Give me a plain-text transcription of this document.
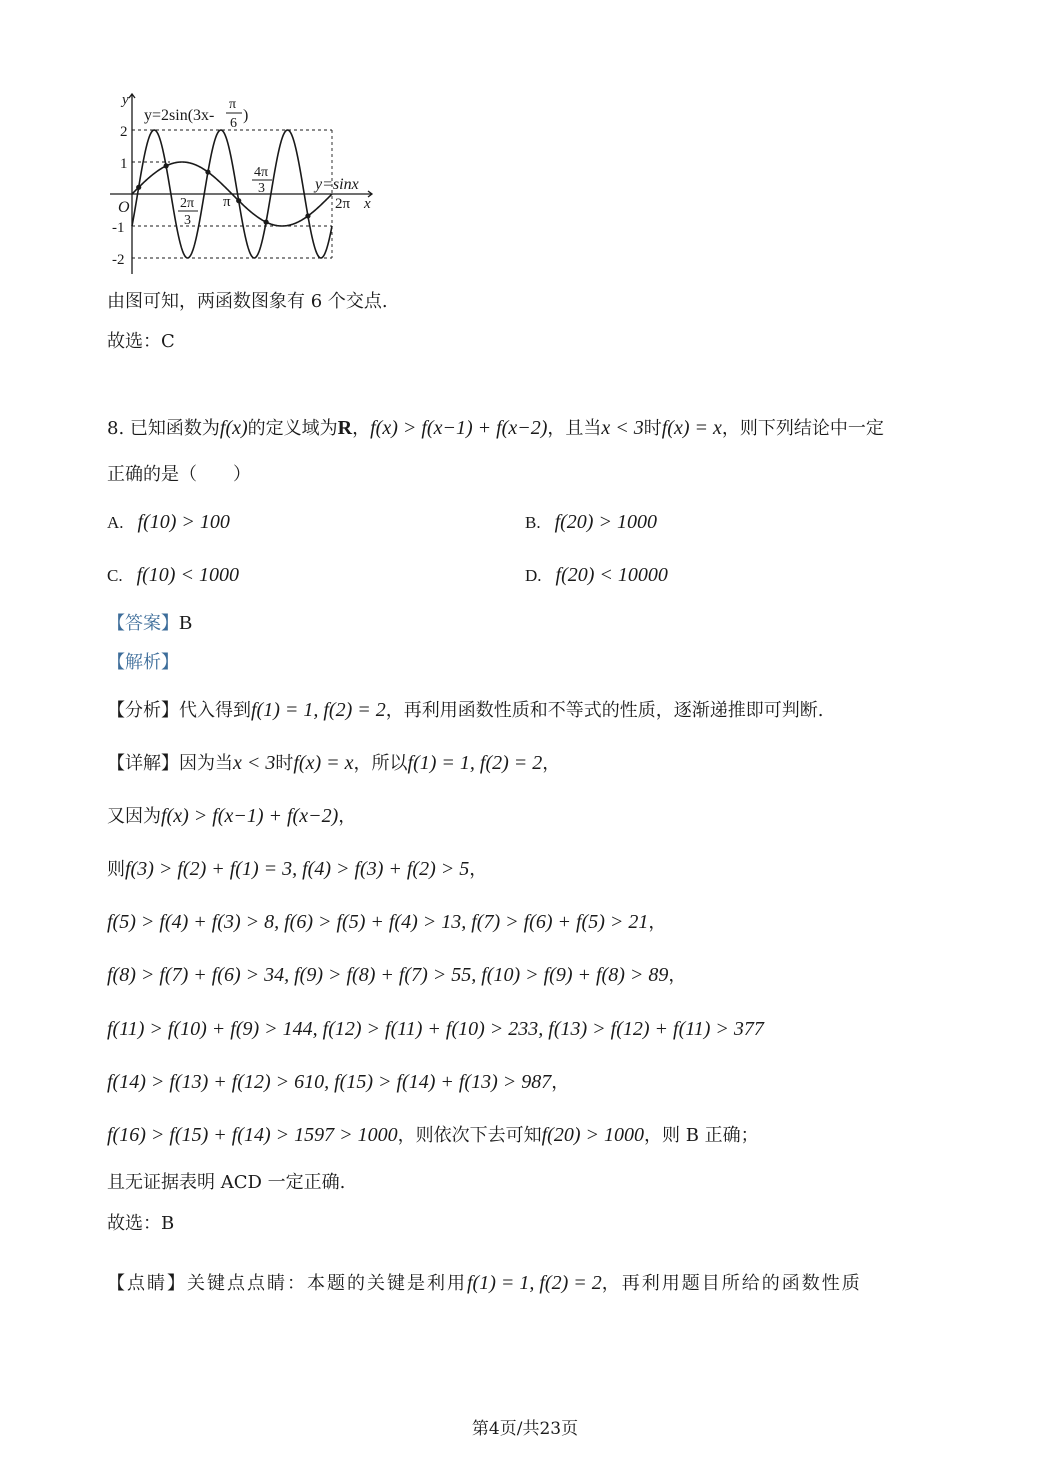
y
x
O
y=2sin(3x-
π
6 )
y=sinx
2
1
-1
-2
2π
3
π
4π
3
2π
由图可知，两函数图象有 6 个交点.
故选：C
8. 已知函数为f(x)的定义域为R，f(x) > f(x−1) + f(x−2)，且当x < 3时f(x) = x，则下列结论中一定
正确的是（　　）
A. f(10) > 100	B. f(20) > 1000
C. f(10) < 1000	D. f(20) < 10000
【答案】B
【解析】
【分析】代入得到f(1) = 1, f(2) = 2，再利用函数性质和不等式的性质，逐渐递推即可判断.
【详解】因为当x < 3时f(x) = x，所以f(1) = 1, f(2) = 2，
又因为f(x) > f(x−1) + f(x−2)，
则f(3) > f(2) + f(1) = 3, f(4) > f(3) + f(2) > 5，
f(5) > f(4) + f(3) > 8, f(6) > f(5) + f(4) > 13, f(7) > f(6) + f(5) > 21，
f(8) > f(7) + f(6) > 34, f(9) > f(8) + f(7) > 55, f(10) > f(9) + f(8) > 89，
f(11) > f(10) + f(9) > 144, f(12) > f(11) + f(10) > 233, f(13) > f(12) + f(11) > 377
f(14) > f(13) + f(12) > 610, f(15) > f(14) + f(13) > 987，
f(16) > f(15) + f(14) > 1597 > 1000，则依次下去可知f(20) > 1000，则 B 正确；
且无证据表明 ACD 一定正确.
故选：B
【点睛】关键点点睛：本题的关键是利用f(1) = 1, f(2) = 2，再利用题目所给的函数性质
第4页/共23页
